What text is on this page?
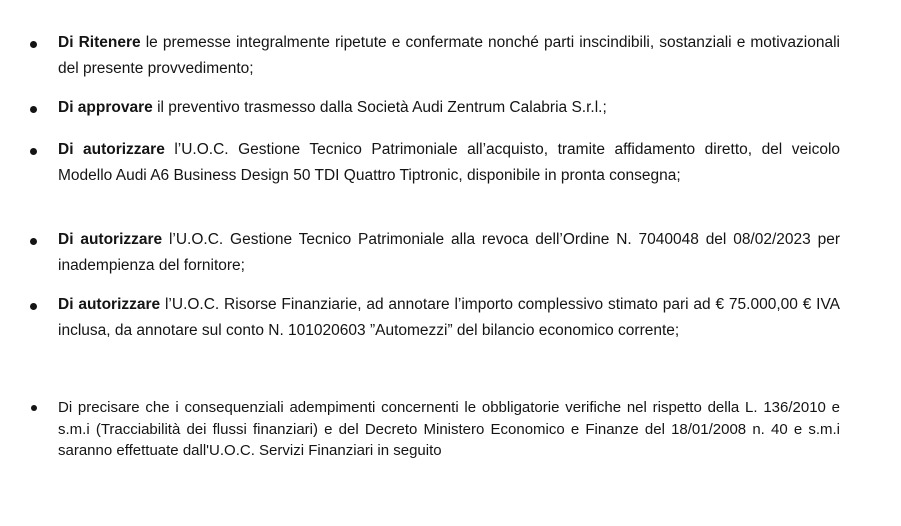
Di Ritenere le premesse integralmente ripetute e confermate nonché parti inscindibili, sostanziali e motivazionali del presente provvedimento;
Di approvare il preventivo trasmesso dalla Società Audi Zentrum Calabria S.r.l.;
Di autorizzare l’U.O.C. Gestione Tecnico Patrimoniale all’acquisto, tramite affidamento diretto, del veicolo Modello Audi A6 Business Design 50 TDI Quattro Tiptronic, disponibile in pronta consegna;
Di autorizzare l’U.O.C. Gestione Tecnico Patrimoniale alla revoca dell’Ordine N. 7040048 del 08/02/2023 per inadempienza del fornitore;
Di autorizzare l’U.O.C. Risorse Finanziarie, ad annotare l’importo complessivo stimato pari ad € 75.000,00 € IVA inclusa, da annotare sul conto N. 101020603 ”Automezzi” del bilancio economico corrente;
Di precisare che i consequenziali adempimenti concernenti le obbligatorie verifiche nel rispetto della L. 136/2010 e s.m.i (Tracciabilità dei flussi finanziari) e del Decreto Ministero Economico e Finanze del 18/01/2008 n. 40 e s.m.i saranno effettuate dall'U.O.C. Servizi Finanziari in seguito
